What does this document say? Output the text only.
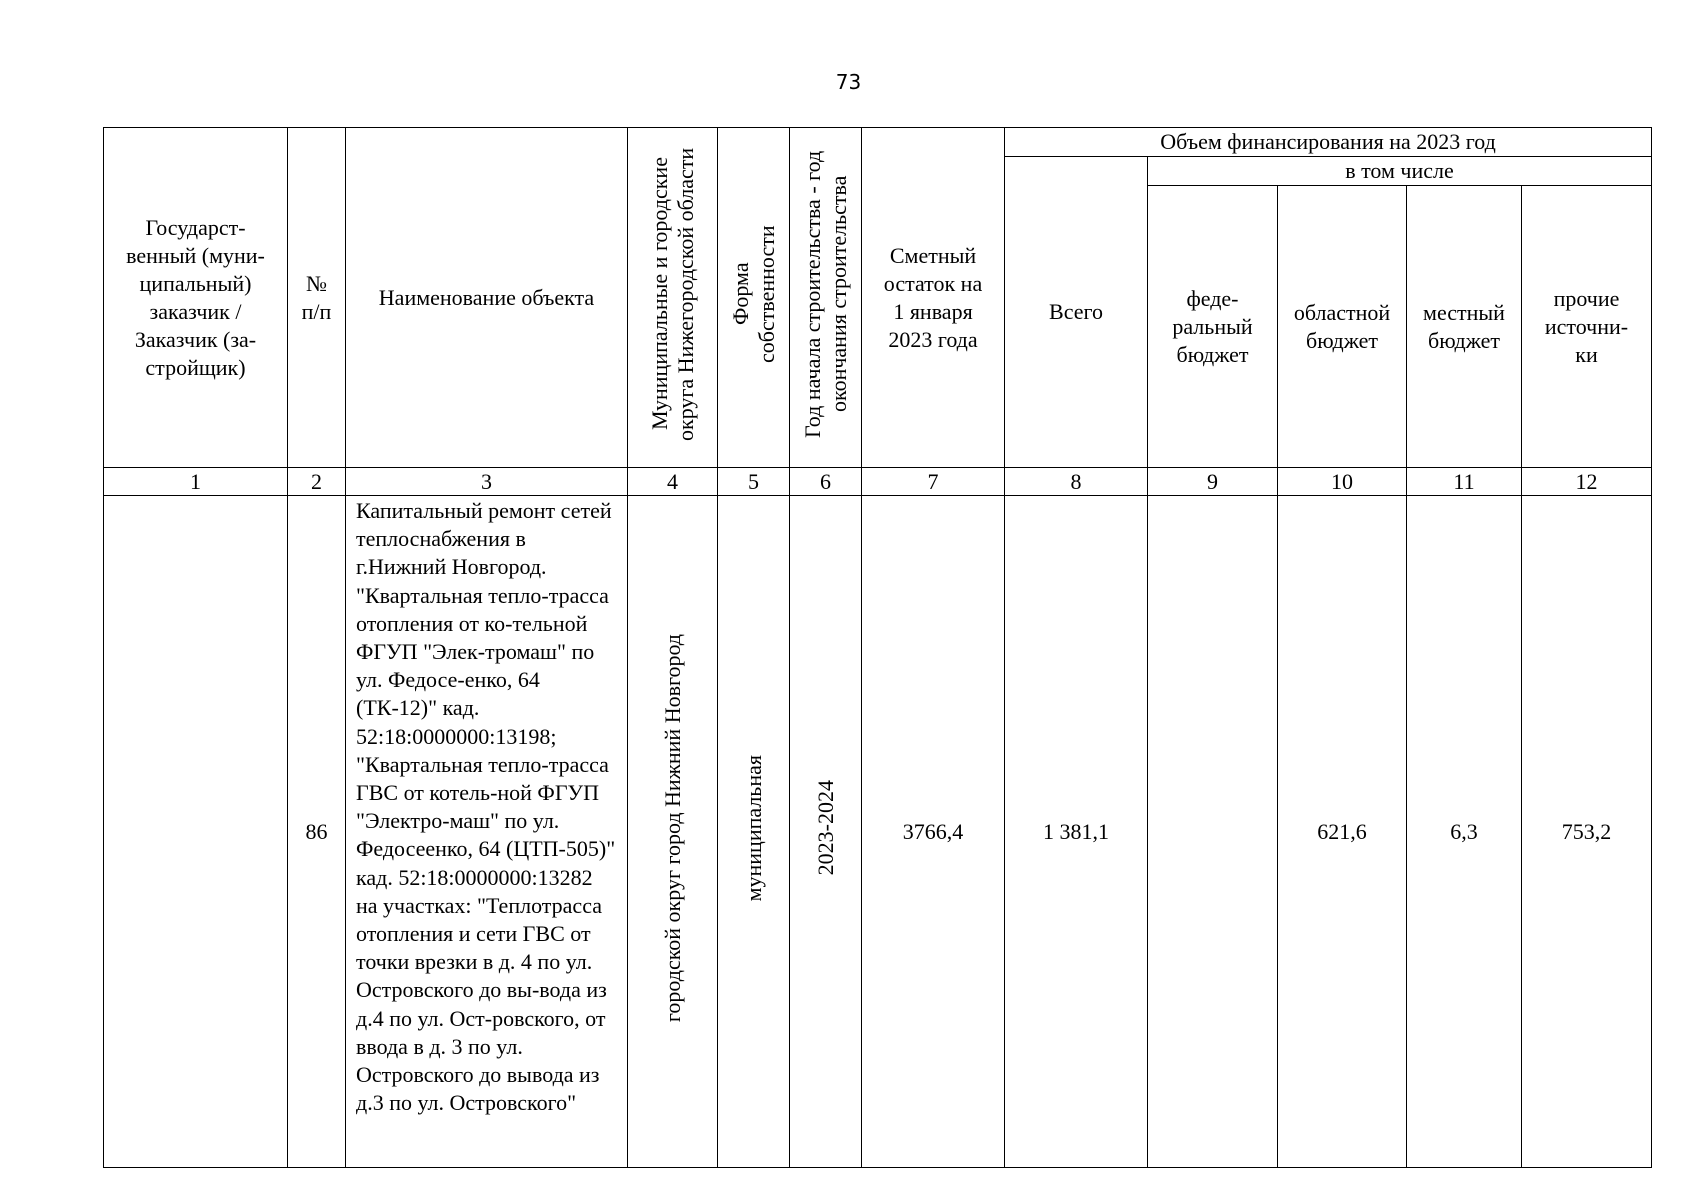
73
Государст-венный (муни-ципальный) заказчик / Заказчик (за-стройщик)	№ п/п	Наименование объекта	Муниципальные и городские округа Нижегородской области	Форма собственности	Год начала строительства - год окончания строительства	Сметный остаток на 1 января 2023 года	Объем финансирования на 2023 год				
							Всего	в том числе			

								феде-ральный бюджет	областной бюджет	местный бюджет	прочие источни-ки

1	2	3	4	5	6	7	8	9	10	11	12
	86	Капитальный ремонт сетей теплоснабжения в г.Нижний Новгород. "Квартальная тепло-трасса отопления от ко-тельной ФГУП "Элек-тромаш" по ул. Федосе-енко, 64 (ТК-12)" кад. 52:18:0000000:13198; "Квартальная тепло-трасса ГВС от котель-ной ФГУП "Электро-маш" по ул. Федосеенко, 64 (ЦТП-505)" кад. 52:18:0000000:13282 на участках: "Теплотрасса отопления и сети ГВС от точки врезки в д. 4 по ул. Островского до вы-вода из д.4 по ул. Ост-ровского, от ввода в д. 3 по ул. Островского до вывода из д.3 по ул. Островского"	городской округ город Нижний Новгород	муниципальная	2023-2024	3766,4	1 381,1		621,6	6,3	753,2
